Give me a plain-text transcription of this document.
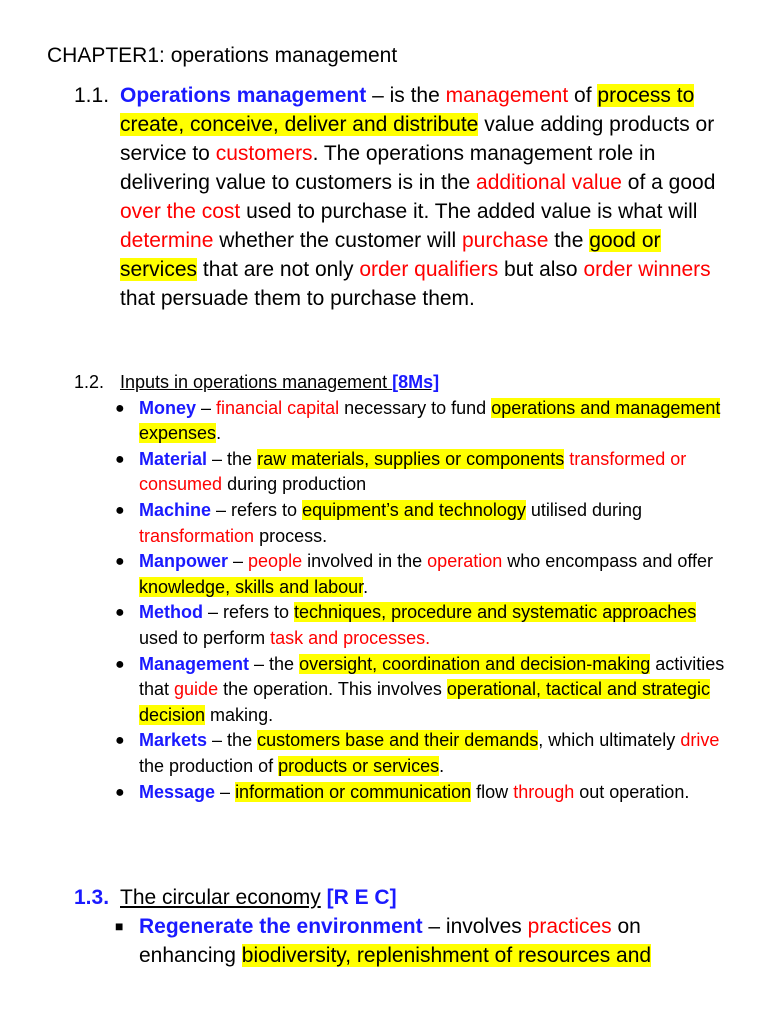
CHAPTER1: operations management
1.1. Operations management – is the management of process to create, conceive, deliver and distribute value adding products or service to customers. The operations management role in delivering value to customers is in the additional value of a good over the cost used to purchase it. The added value is what will determine whether the customer will purchase the good or services that are not only order qualifiers but also order winners that persuade them to purchase them.
1.2. Inputs in operations management [8Ms]
● Money – financial capital necessary to fund operations and management expenses.
● Material – the raw materials, supplies or components transformed or consumed during production
● Machine – refers to equipment’s and technology utilised during transformation process.
● Manpower – people involved in the operation who encompass and offer knowledge, skills and labour.
● Method – refers to techniques, procedure and systematic approaches used to perform task and processes.
● Management – the oversight, coordination and decision-making activities that guide the operation. This involves operational, tactical and strategic decision making.
● Markets – the customers base and their demands, which ultimately drive the production of products or services.
● Message – information or communication flow through out operation.
1.3. The circular economy [R E C]
■ Regenerate the environment – involves practices on enhancing biodiversity, replenishment of resources and
